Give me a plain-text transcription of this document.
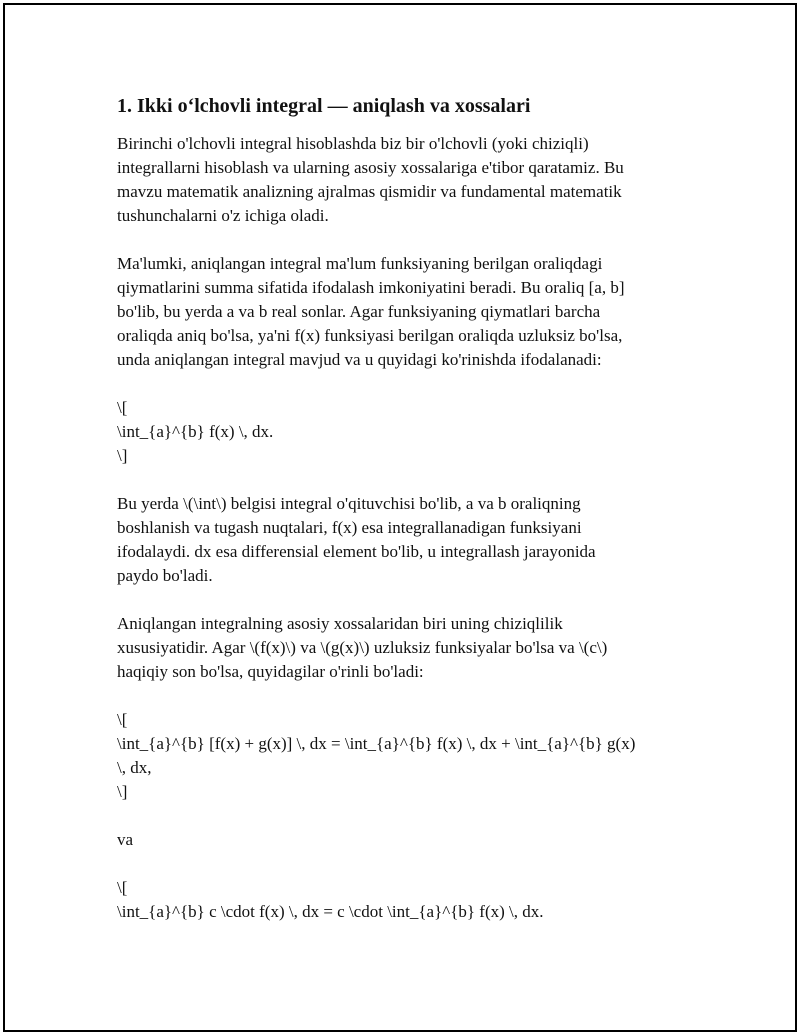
1. Ikki o‘lchovli integral — aniqlash va xossalari

Birinchi o'lchovli integral hisoblashda biz bir o'lchovli (yoki chiziqli)
integrallarni hisoblash va ularning asosiy xossalariga e'tibor qaratamiz. Bu
mavzu matematik analizning ajralmas qismidir va fundamental matematik
tushunchalarni o'z ichiga oladi.

Ma'lumki, aniqlangan integral ma'lum funksiyaning berilgan oraliqdagi
qiymatlarini summa sifatida ifodalash imkoniyatini beradi. Bu oraliq [a, b]
bo'lib, bu yerda a va b real sonlar. Agar funksiyaning qiymatlari barcha
oraliqda aniq bo'lsa, ya'ni f(x) funksiyasi berilgan oraliqda uzluksiz bo'lsa,
unda aniqlangan integral mavjud va u quyidagi ko'rinishda ifodalanadi:

\[
\int_{a}^{b} f(x) \, dx.
\]

Bu yerda \(\int\) belgisi integral o'qituvchisi bo'lib, a va b oraliqning
boshlanish va tugash nuqtalari, f(x) esa integrallanadigan funksiyani
ifodalaydi. dx esa differensial element bo'lib, u integrallash jarayonida
paydo bo'ladi.

Aniqlangan integralning asosiy xossalaridan biri uning chiziqlilik
xususiyatidir. Agar \(f(x)\) va \(g(x)\) uzluksiz funksiyalar bo'lsa va \(c\)
haqiqiy son bo'lsa, quyidagilar o'rinli bo'ladi:

\[
\int_{a}^{b} [f(x) + g(x)] \, dx = \int_{a}^{b} f(x) \, dx + \int_{a}^{b} g(x)
\, dx,
\]

va

\[
\int_{a}^{b} c \cdot f(x) \, dx = c \cdot \int_{a}^{b} f(x) \, dx.
